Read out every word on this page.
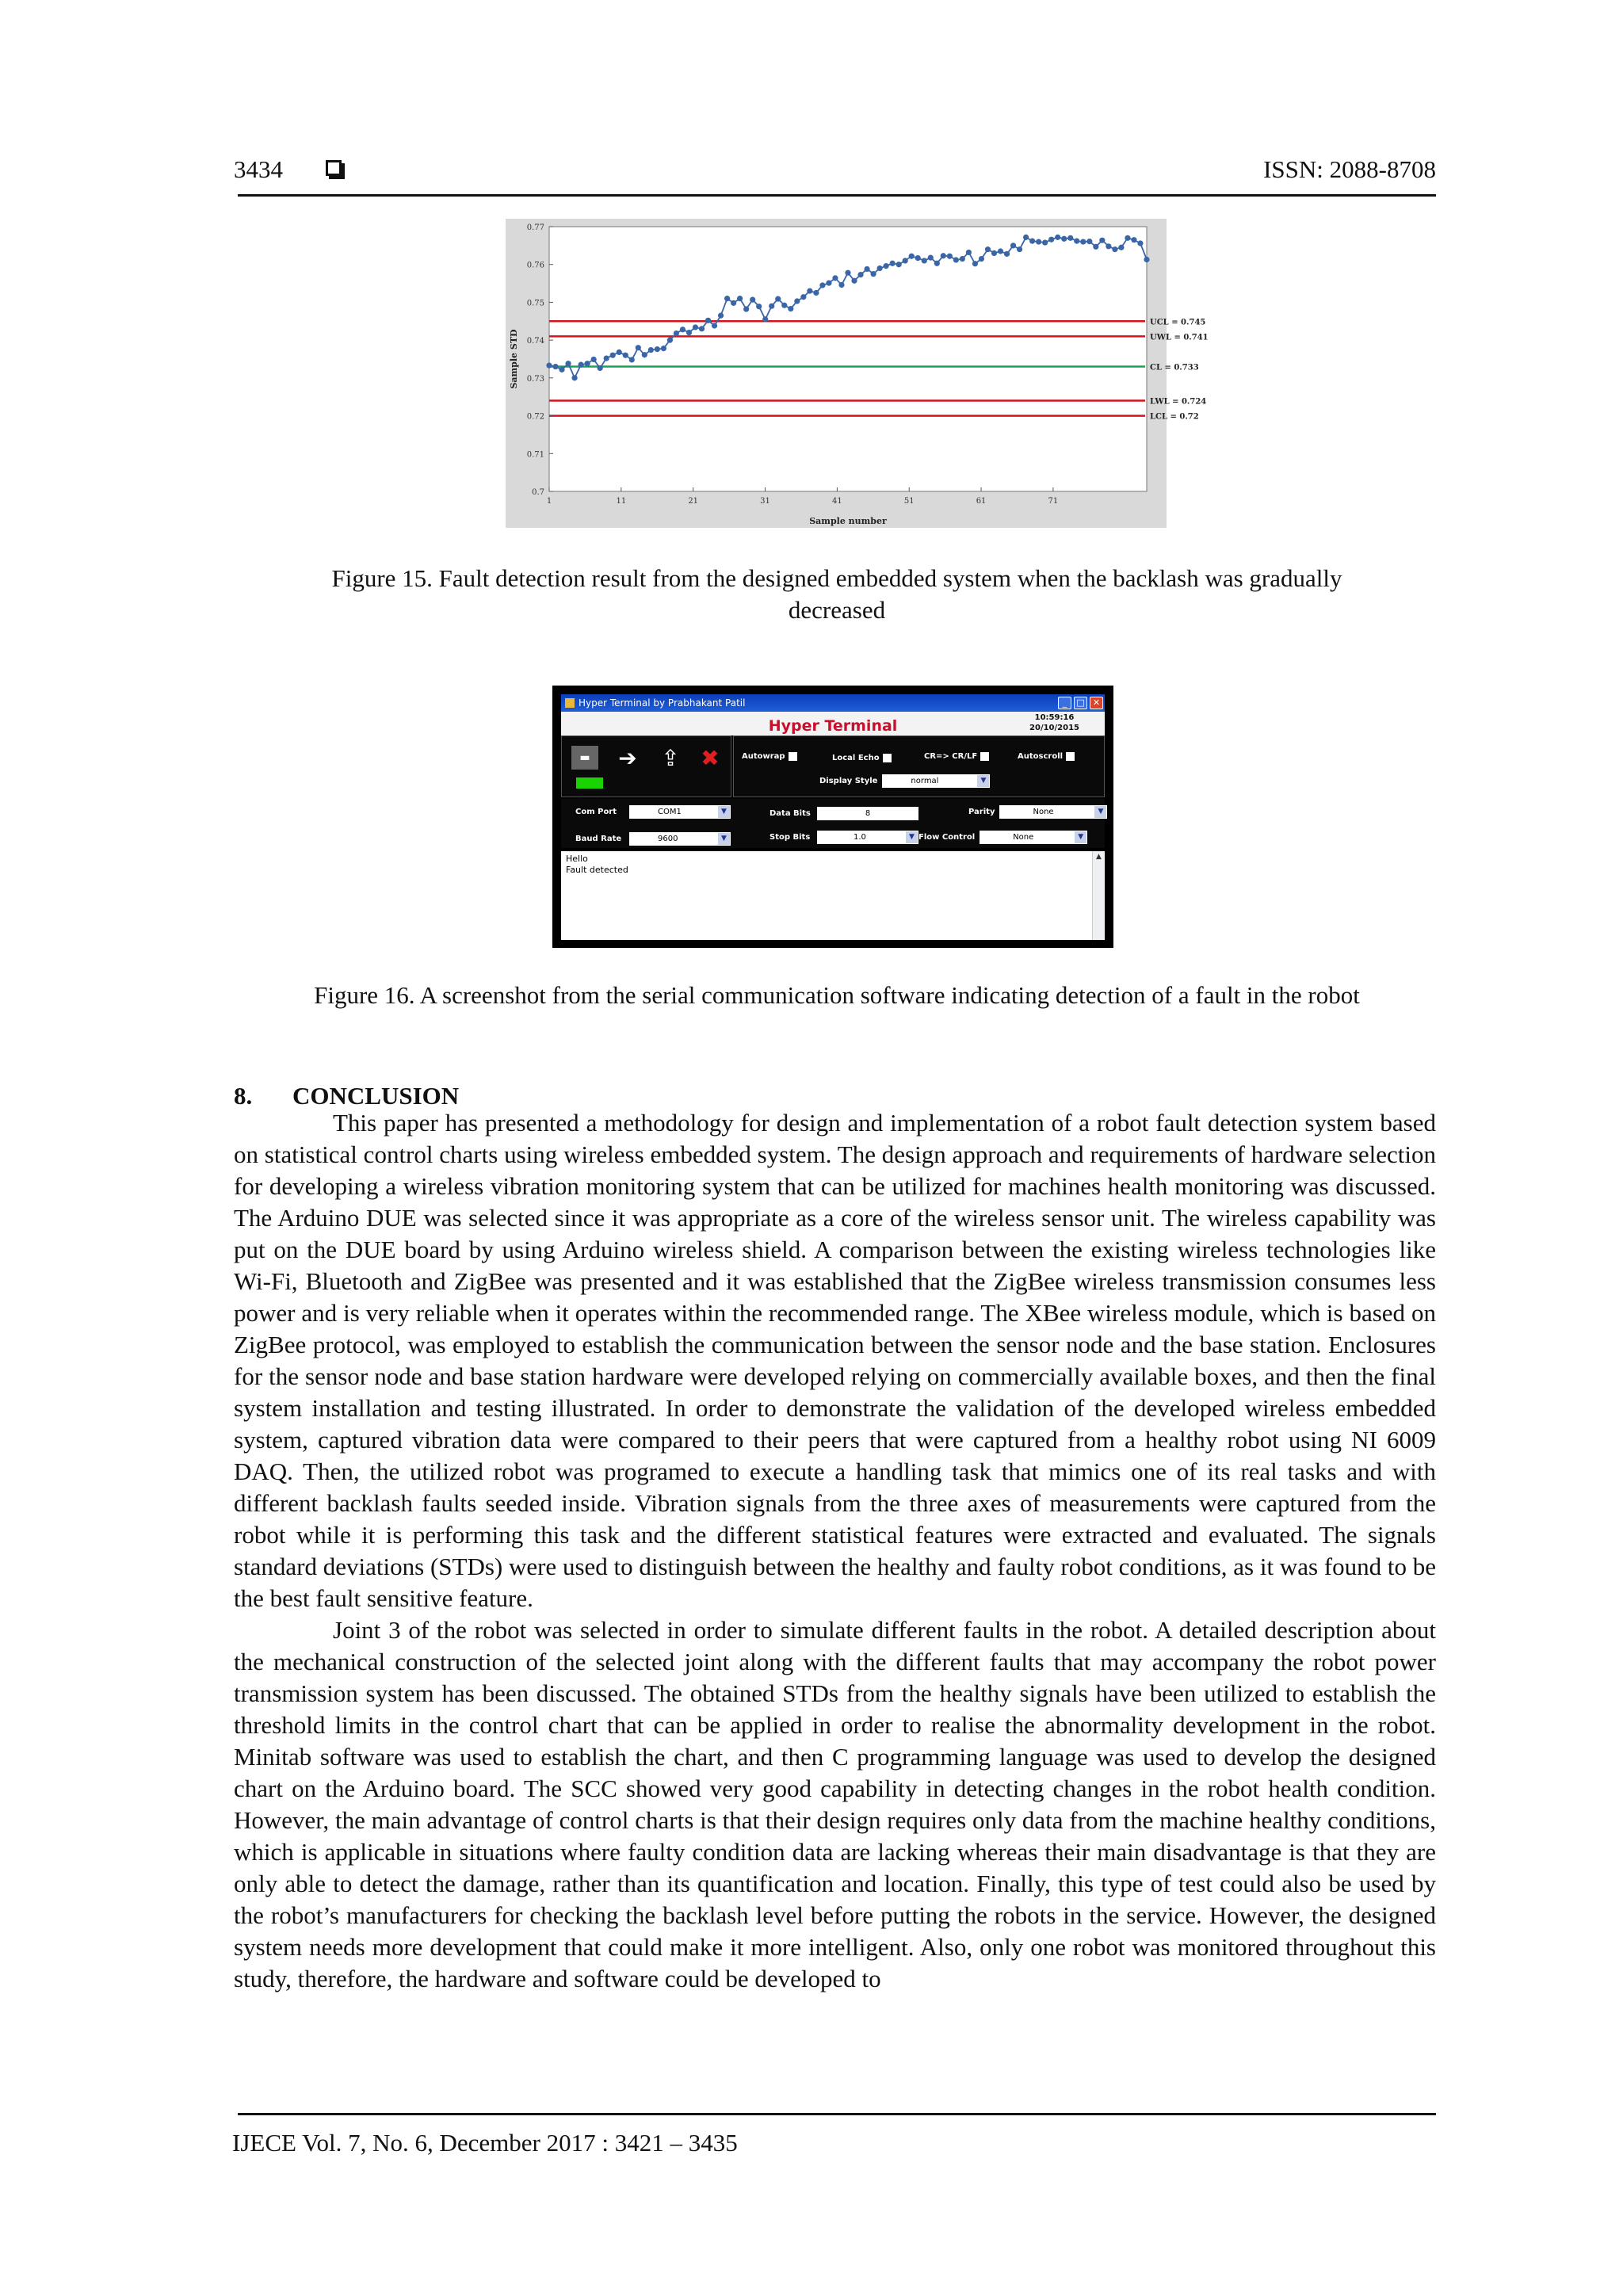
3434	ISSN: 2088-8708
UCL = 0.745
UWL = 0.741
CL = 0.733
LWL = 0.724
LCL = 0.72
0.7
0.71
0.72
0.73
0.74
0.75
0.76
0.77
1	11	21	31	41	51	61	71
Sample number
Sample STD
Figure 15. Fault detection result from the designed embedded system when the backlash was gradually
decreased
Hyper Terminal by Prabhakant Patil	_	□ ✕
Hyper Terminal	10:59:16
20/10/2015
▬	➔ ⇪ ✖	Autowrap	Local Echo	CR=> CR/LF	Autoscroll
Display Style	normal	▼
Com Port	COM1	▼
Baud Rate	9600	▼
Data Bits	8
Stop Bits	1.0	▼
Parity	None	▼
Flow Control	None	▼
Hello
Fault detected
▲
Figure 16. A screenshot from the serial communication software indicating detection of a fault in the robot
8. CONCLUSION

This paper has presented a methodology for design and implementation of a robot fault detection system based on statistical control charts using wireless embedded system. The design approach and requirements of hardware selection for developing a wireless vibration monitoring system that can be utilized for machines health monitoring was discussed. The Arduino DUE was selected since it was appropriate as a core of the wireless sensor unit. The wireless capability was put on the DUE board by using Arduino wireless shield. A comparison between the existing wireless technologies like Wi-Fi, Bluetooth and ZigBee was presented and it was established that the ZigBee wireless transmission consumes less power and is very reliable when it operates within the recommended range. The XBee wireless module, which is based on ZigBee protocol, was employed to establish the communication between the sensor node and the base station. Enclosures for the sensor node and base station hardware were developed relying on commercially available boxes, and then the final system installation and testing illustrated. In order to demonstrate the validation of the developed wireless embedded system, captured vibration data were compared to their peers that were captured from a healthy robot using NI 6009 DAQ. Then, the utilized robot was programed to execute a handling task that mimics one of its real tasks and with different backlash faults seeded inside. Vibration signals from the three axes of measurements were captured from the robot while it is performing this task and the different statistical features were extracted and evaluated. The signals standard deviations (STDs) were used to distinguish between the healthy and faulty robot conditions, as it was found to be the best fault sensitive feature.

Joint 3 of the robot was selected in order to simulate different faults in the robot. A detailed description about the mechanical construction of the selected joint along with the different faults that may accompany the robot power transmission system has been discussed. The obtained STDs from the healthy signals have been utilized to establish the threshold limits in the control chart that can be applied in order to realise the abnormality development in the robot. Minitab software was used to establish the chart, and then C programming language was used to develop the designed chart on the Arduino board. The SCC showed very good capability in detecting changes in the robot health condition. However, the main advantage of control charts is that their design requires only data from the machine healthy conditions, which is applicable in situations where faulty condition data are lacking whereas their main disadvantage is that they are only able to detect the damage, rather than its quantification and location. Finally, this type of test could also be used by the robot’s manufacturers for checking the backlash level before putting the robots in the service. However, the designed system needs more development that could make it more intelligent. Also, only one robot was monitored throughout this study, therefore, the hardware and software could be developed to

IJECE Vol. 7, No. 6, December 2017 : 3421 – 3435
